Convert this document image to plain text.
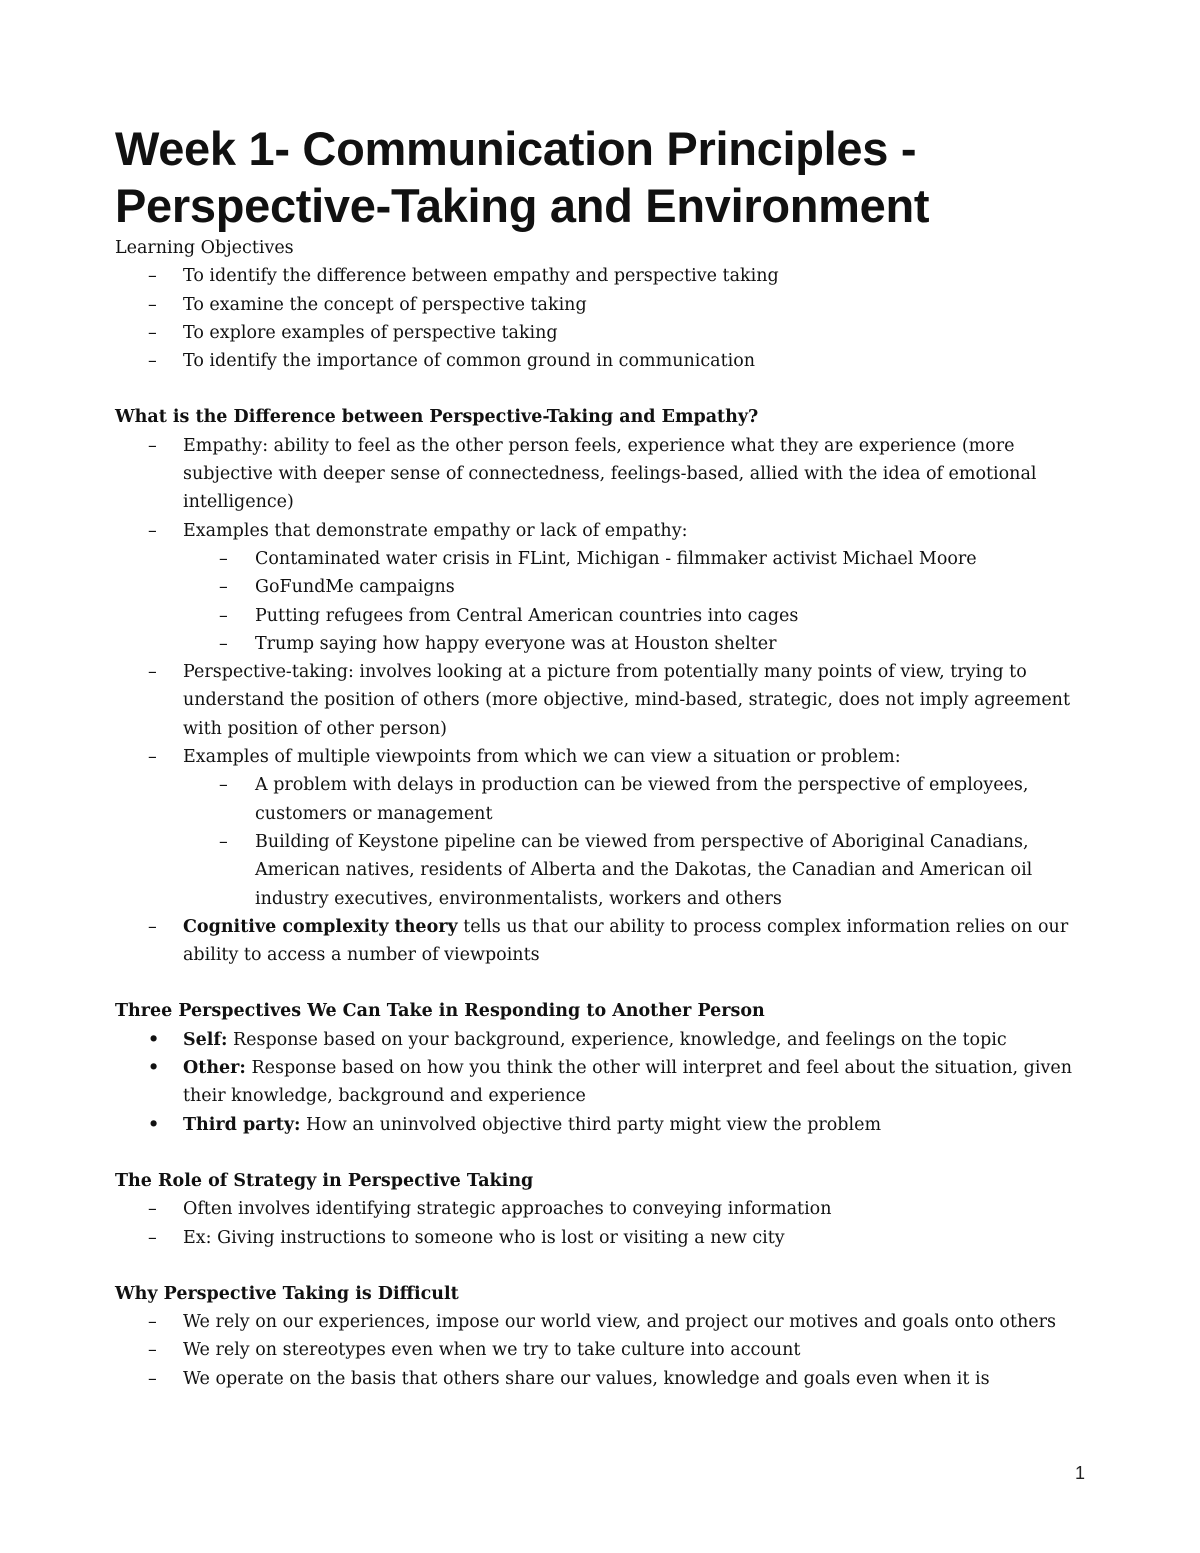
Week 1- Communication Principles -
Perspective-Taking and Environment
Learning Objectives
–	To identify the difference between empathy and perspective taking
–	To examine the concept of perspective taking
–	To explore examples of perspective taking
–	To identify the importance of common ground in communication
What is the Difference between Perspective-Taking and Empathy?
–	Empathy: ability to feel as the other person feels, experience what they are experience (more subjective with deeper sense of connectedness, feelings-based, allied with the idea of emotional intelligence)
–	Examples that demonstrate empathy or lack of empathy:
–	Contaminated water crisis in FLint, Michigan - filmmaker activist Michael Moore
–	GoFundMe campaigns
–	Putting refugees from Central American countries into cages
–	Trump saying how happy everyone was at Houston shelter
–	Perspective-taking: involves looking at a picture from potentially many points of view, trying to understand the position of others (more objective, mind-based, strategic, does not imply agreement with position of other person)
–	Examples of multiple viewpoints from which we can view a situation or problem:
–	A problem with delays in production can be viewed from the perspective of employees, customers or management
–	Building of Keystone pipeline can be viewed from perspective of Aboriginal Canadians, American natives, residents of Alberta and the Dakotas, the Canadian and American oil industry executives, environmentalists, workers and others
–	Cognitive complexity theory tells us that our ability to process complex information relies on our ability to access a number of viewpoints
Three Perspectives We Can Take in Responding to Another Person
•	Self: Response based on your background, experience, knowledge, and feelings on the topic
•	Other: Response based on how you think the other will interpret and feel about the situation, given their knowledge, background and experience
•	Third party: How an uninvolved objective third party might view the problem
The Role of Strategy in Perspective Taking
–	Often involves identifying strategic approaches to conveying information
–	Ex: Giving instructions to someone who is lost or visiting a new city
Why Perspective Taking is Difficult
–	We rely on our experiences, impose our world view, and project our motives and goals onto others
–	We rely on stereotypes even when we try to take culture into account
–	We operate on the basis that others share our values, knowledge and goals even when it is
1
